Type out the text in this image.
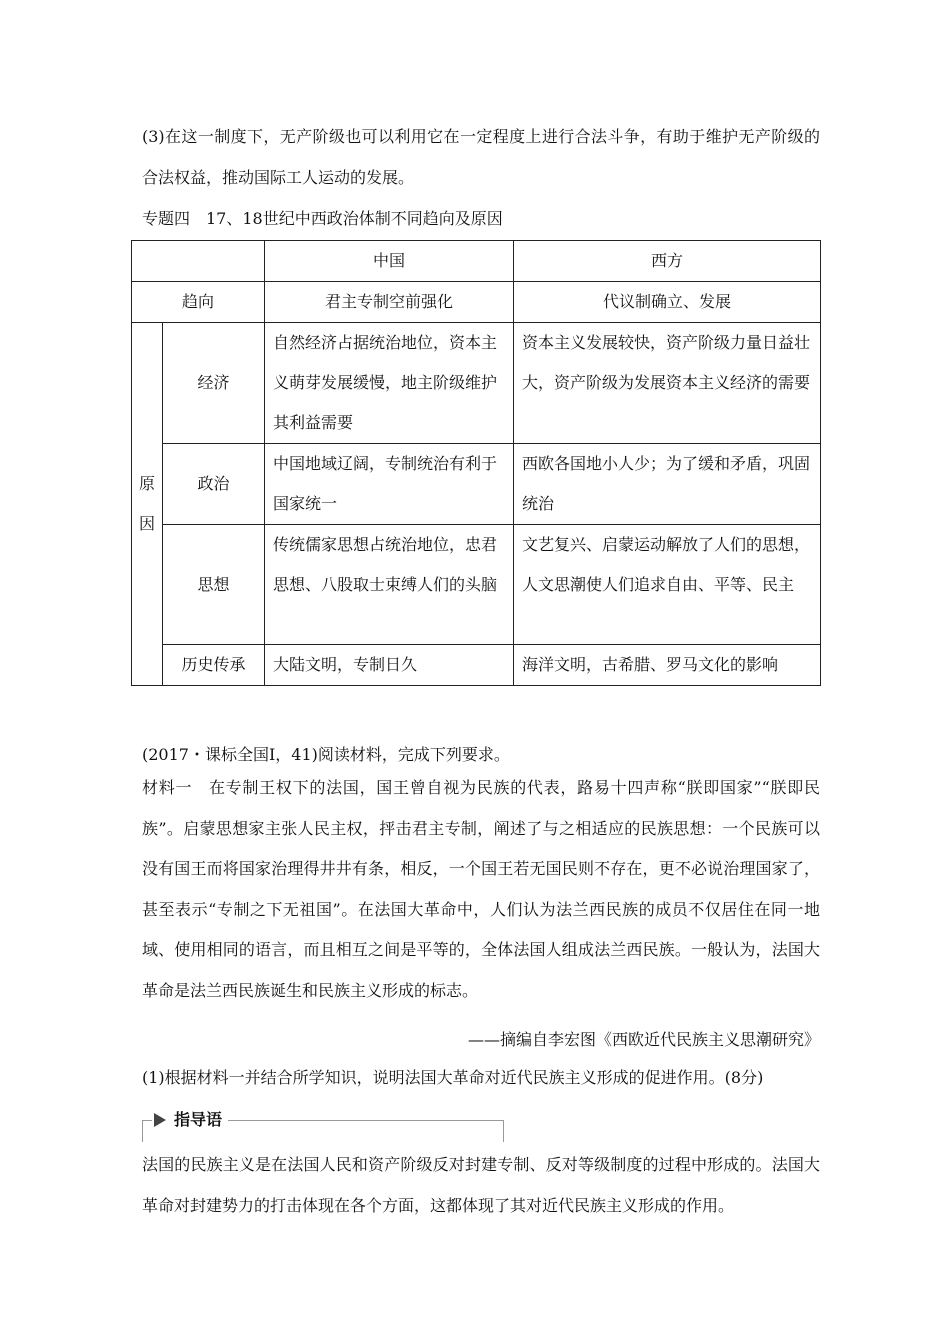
(3)在这一制度下，无产阶级也可以利用它在一定程度上进行合法斗争，有助于维护无产阶级的合法权益，推动国际工人运动的发展。

专题四　17、18世纪中西政治体制不同趋向及原因
		中国	西方
趋向		君主专制空前强化	代议制确立、发展

原
因	经济	自然经济占据统治地位，资本主义萌芽发展缓慢，地主阶级维护其利益需要	资本主义发展较快，资产阶级力量日益壮大，资产阶级为发展资本主义经济的需要
	政治	中国地域辽阔，专制统治有利于国家统一	西欧各国地小人少；为了缓和矛盾，巩固统治
	思想	传统儒家思想占统治地位，忠君思想、八股取士束缚人们的头脑	文艺复兴、启蒙运动解放了人们的思想，人文思潮使人们追求自由、平等、民主
	历史传承	大陆文明，专制日久	海洋文明，古希腊、罗马文化的影响

(2017・课标全国Ⅰ，41)阅读材料，完成下列要求。

材料一　在专制王权下的法国，国王曾自视为民族的代表，路易十四声称“朕即国家”“朕即民族”。启蒙思想家主张人民主权，抨击君主专制，阐述了与之相适应的民族思想：一个民族可以没有国王而将国家治理得井井有条，相反，一个国王若无国民则不存在，更不必说治理国家了，甚至表示“专制之下无祖国”。在法国大革命中，人们认为法兰西民族的成员不仅居住在同一地域、使用相同的语言，而且相互之间是平等的，全体法国人组成法兰西民族。一般认为，法国大革命是法兰西民族诞生和民族主义形成的标志。

——摘编自李宏图《西欧近代民族主义思潮研究》

(1)根据材料一并结合所学知识，说明法国大革命对近代民族主义形成的促进作用。(8分)

指导语

法国的民族主义是在法国人民和资产阶级反对封建专制、反对等级制度的过程中形成的。法国大革命对封建势力的打击体现在各个方面，这都体现了其对近代民族主义形成的作用。
